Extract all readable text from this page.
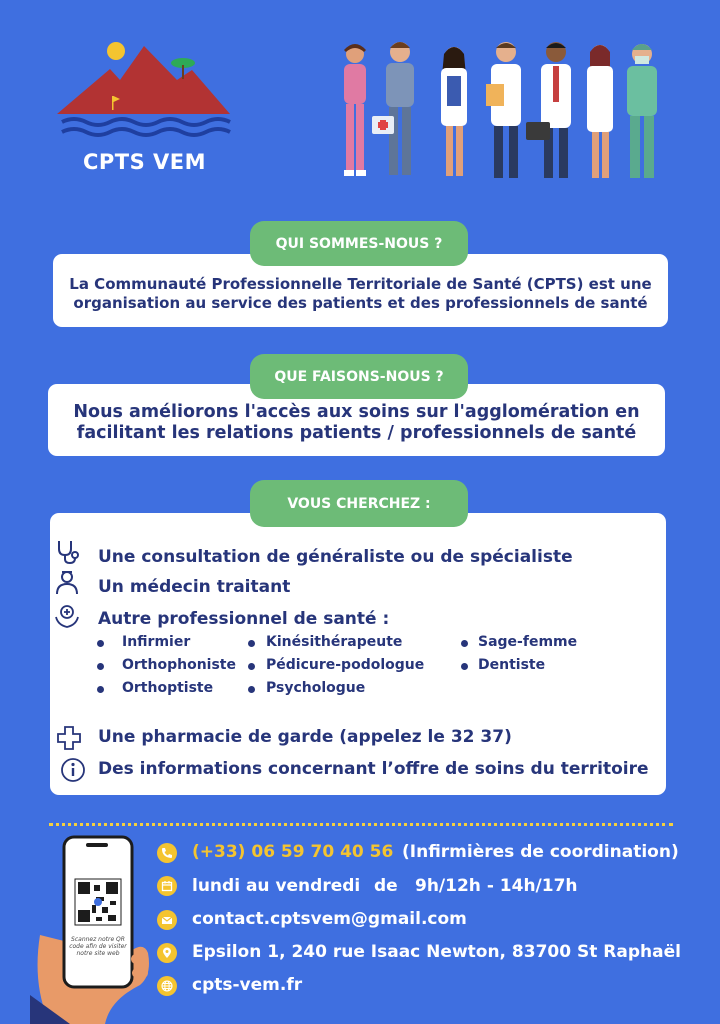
CPTS VEM
QUI SOMMES-NOUS ?
La Communauté Professionnelle Territoriale de Santé (CPTS) est une
organisation au service des patients et des professionnels de santé
QUE FAISONS-NOUS ?
Nous améliorons l'accès aux soins sur l'agglomération en
facilitant les relations patients / professionnels de santé
VOUS CHERCHEZ :
Une consultation de généraliste ou de spécialiste
Un médecin traitant
Autre professionnel de santé :
Infirmier
Orthophoniste
Orthoptiste
Kinésithérapeute
Pédicure-podologue
Psychologue
Sage-femme
Dentiste
Une pharmacie de garde (appelez le 32 37)
Des informations concernant l’offre de soins du territoire
Scannez notre QR code afin de visiter notre site web
(+33) 06 59 70 40 56 (Infirmières de coordination)
lundi au vendredi de 9h/12h - 14h/17h
contact.cptsvem@gmail.com
Epsilon 1, 240 rue Isaac Newton, 83700 St Raphaël
cpts-vem.fr
